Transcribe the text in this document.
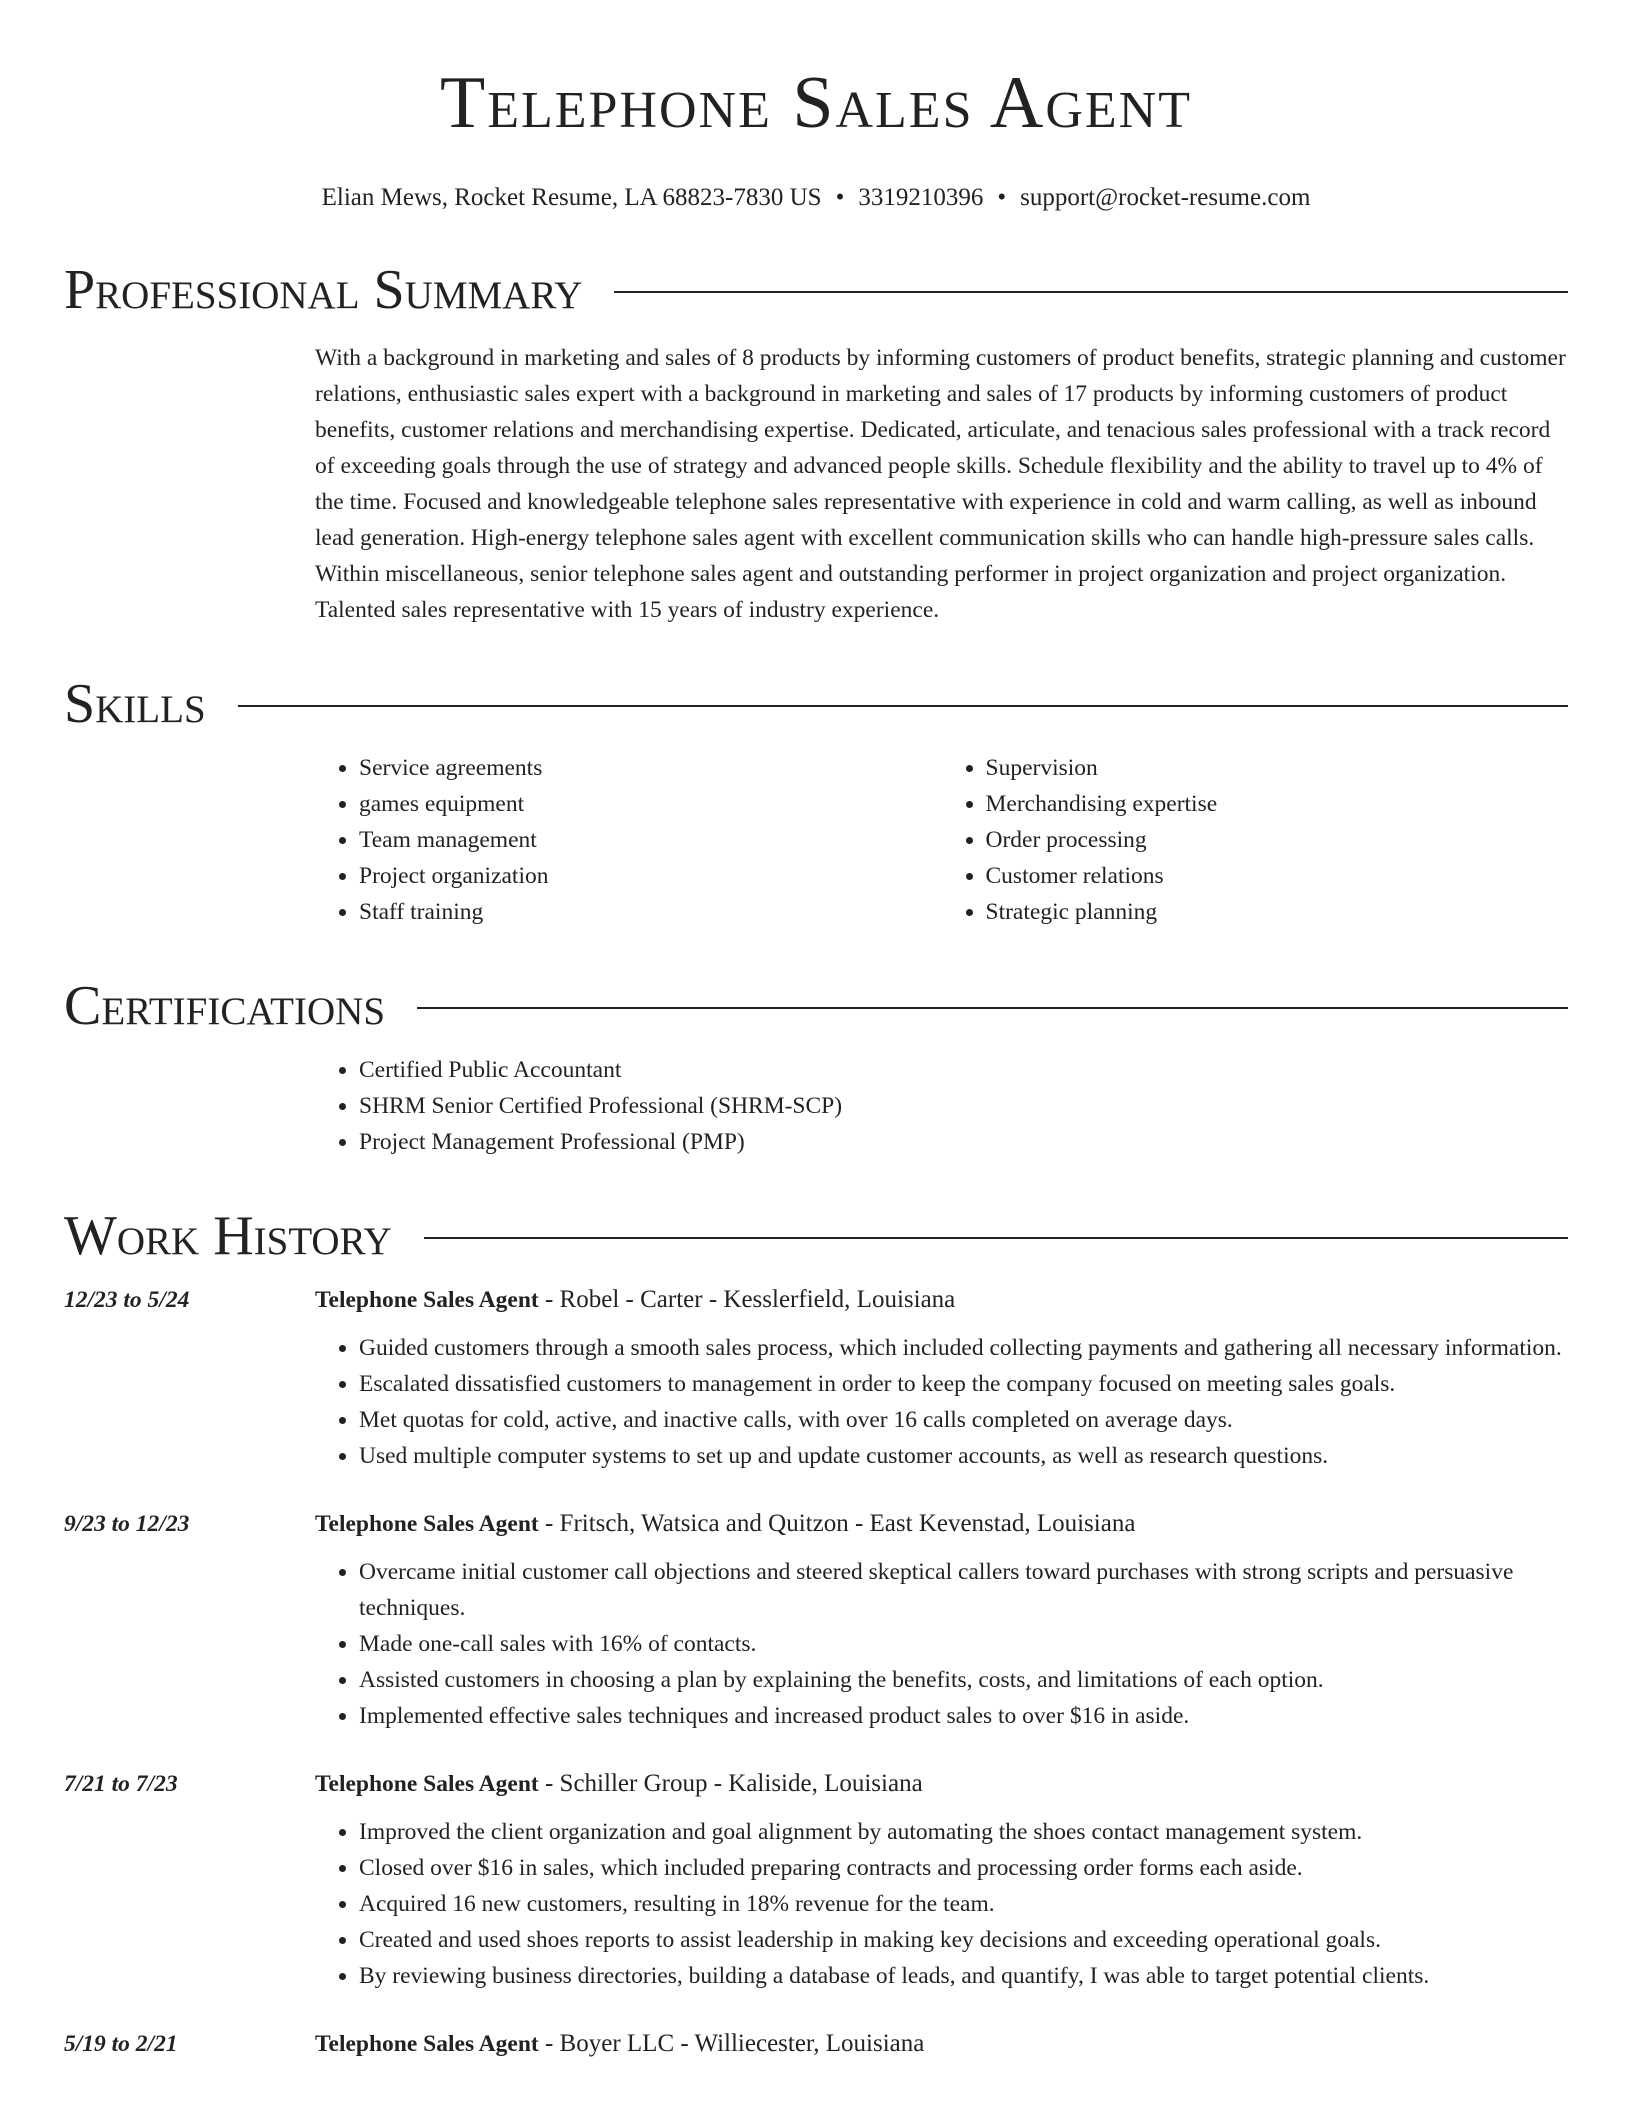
Telephone Sales Agent
Elian Mews, Rocket Resume, LA 68823-7830 US • 3319210396 • support@rocket-resume.com
Professional Summary
With a background in marketing and sales of 8 products by informing customers of product benefits, strategic planning and customer relations, enthusiastic sales expert with a background in marketing and sales of 17 products by informing customers of product benefits, customer relations and merchandising expertise. Dedicated, articulate, and tenacious sales professional with a track record of exceeding goals through the use of strategy and advanced people skills. Schedule flexibility and the ability to travel up to 4% of the time. Focused and knowledgeable telephone sales representative with experience in cold and warm calling, as well as inbound lead generation. High-energy telephone sales agent with excellent communication skills who can handle high-pressure sales calls. Within miscellaneous, senior telephone sales agent and outstanding performer in project organization and project organization. Talented sales representative with 15 years of industry experience.
Skills
• Service agreements
• games equipment
• Team management
• Project organization
• Staff training
• Supervision
• Merchandising expertise
• Order processing
• Customer relations
• Strategic planning
Certifications
• Certified Public Accountant
• SHRM Senior Certified Professional (SHRM-SCP)
• Project Management Professional (PMP)
Work History
12/23 to 5/24	Telephone Sales Agent - Robel - Carter - Kesslerfield, Louisiana
• Guided customers through a smooth sales process, which included collecting payments and gathering all necessary information.
• Escalated dissatisfied customers to management in order to keep the company focused on meeting sales goals.
• Met quotas for cold, active, and inactive calls, with over 16 calls completed on average days.
• Used multiple computer systems to set up and update customer accounts, as well as research questions.
9/23 to 12/23	Telephone Sales Agent - Fritsch, Watsica and Quitzon - East Kevenstad, Louisiana
• Overcame initial customer call objections and steered skeptical callers toward purchases with strong scripts and persuasive techniques.
• Made one-call sales with 16% of contacts.
• Assisted customers in choosing a plan by explaining the benefits, costs, and limitations of each option.
• Implemented effective sales techniques and increased product sales to over $16 in aside.
7/21 to 7/23	Telephone Sales Agent - Schiller Group - Kaliside, Louisiana
• Improved the client organization and goal alignment by automating the shoes contact management system.
• Closed over $16 in sales, which included preparing contracts and processing order forms each aside.
• Acquired 16 new customers, resulting in 18% revenue for the team.
• Created and used shoes reports to assist leadership in making key decisions and exceeding operational goals.
• By reviewing business directories, building a database of leads, and quantify, I was able to target potential clients.
5/19 to 2/21	Telephone Sales Agent - Boyer LLC - Williecester, Louisiana
